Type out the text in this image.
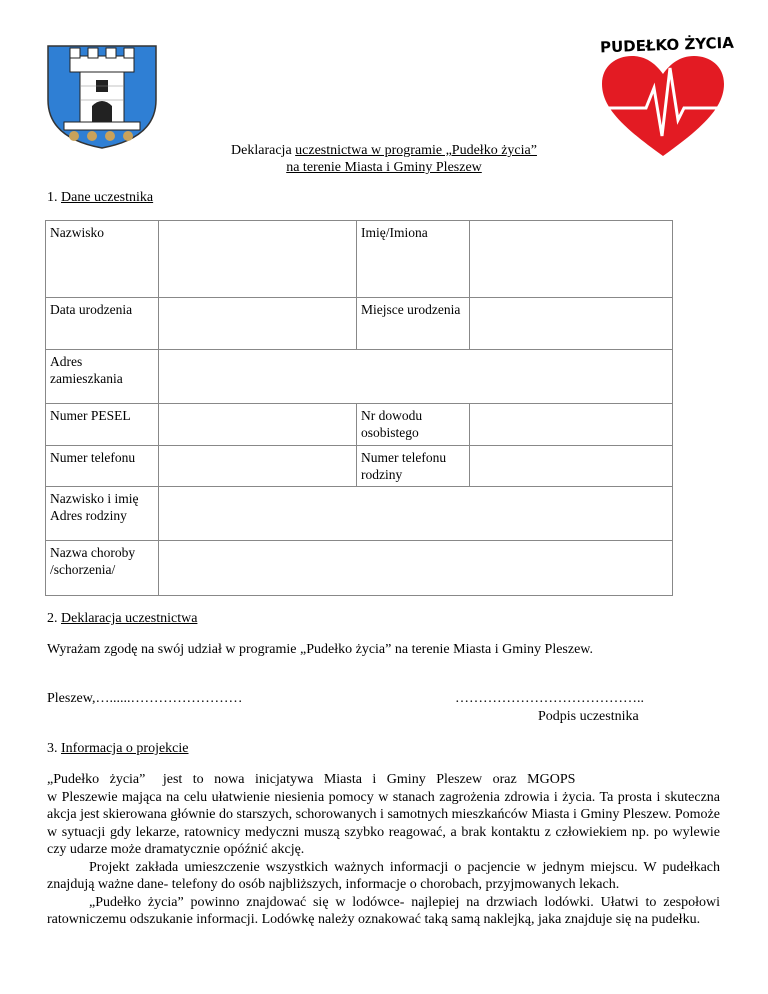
PUDEŁKO ŻYCIA
Deklaracja uczestnictwa w programie „Pudełko życia”
na terenie Miasta i Gminy Pleszew
1. Dane uczestnika
Nazwisko		Imię/Imiona	
Data urodzenia		Miejsce urodzenia	
Adres zamieszkania			
Numer PESEL		Nr dowodu osobistego	
Numer telefonu		Numer telefonu rodziny	

Nazwisko i imię
Adres rodziny			

Nazwa choroby
/schorzenia/			

2. Deklaracja uczestnictwa
Wyrażam zgodę na swój udział w programie „Pudełko życia” na terenie Miasta i Gminy Pleszew.
Pleszew,…......……………………	…………………………………..
Podpis uczestnika
3. Informacja o projekcie
„Pudełko   życia”     jest   to   nowa   inicjatywa   Miasta   i   Gminy   Pleszew   oraz   MGOPS
w Pleszewie mająca na celu ułatwienie niesienia pomocy w stanach zagrożenia zdrowia i życia. Ta prosta i skuteczna akcja jest skierowana głównie do starszych, schorowanych i samotnych mieszkańców Miasta i Gminy Pleszew. Pomoże w sytuacji gdy lekarze, ratownicy medyczni muszą szybko reagować, a brak kontaktu z człowiekiem np. po wylewie czy udarze może dramatycznie opóźnić akcję.
Projekt zakłada umieszczenie wszystkich ważnych informacji o pacjencie w jednym miejscu. W pudełkach znajdują ważne dane- telefony do osób najbliższych, informacje o chorobach, przyjmowanych lekach.
„Pudełko życia” powinno znajdować się w lodówce- najlepiej na drzwiach lodówki. Ułatwi to zespołowi ratowniczemu odszukanie informacji. Lodówkę należy oznakować taką samą naklejką, jaka znajduje się na pudełku.
